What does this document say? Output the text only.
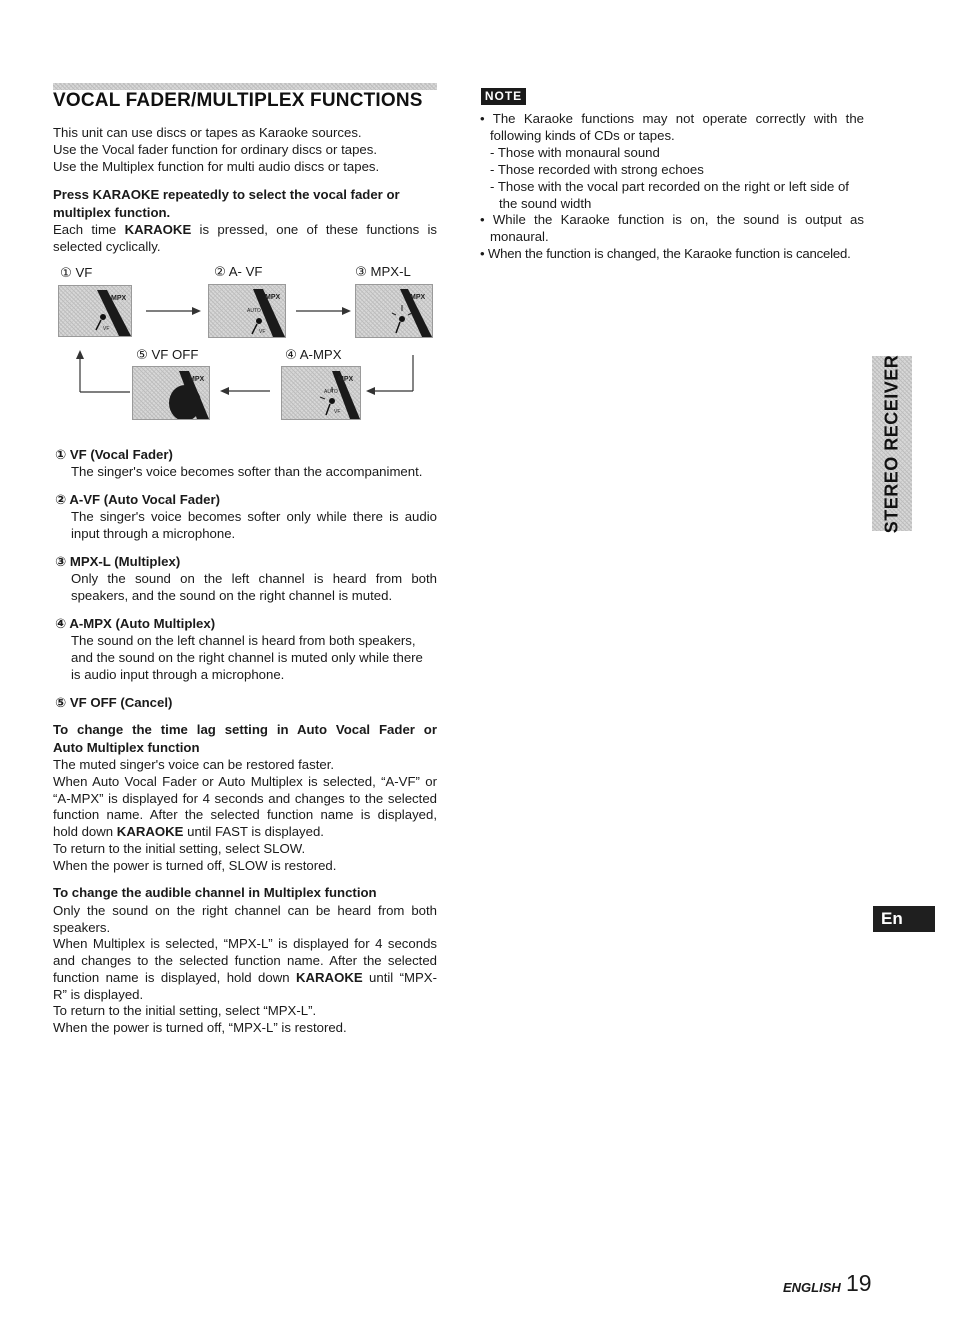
VOCAL FADER/MULTIPLEX FUNCTIONS

This unit can use discs or tapes as Karaoke sources.

Use the Vocal fader function for ordinary discs or tapes.

Use the Multiplex function for multi audio discs or tapes.

Press KARAOKE repeatedly to select the vocal fader or

multiplex function.

Each time KARAOKE is pressed, one of these functions is

selected cyclically.

① VF	② A- VF	③ MPX-L
⑤ VF OFF	④ A-MPX
MPX
VF
MPX
AUTO
VF
MPX
MPX	MPX
AUTO
VF

① VF (Vocal Fader)

The singer's voice becomes softer than the accompaniment.

② A-VF (Auto Vocal Fader)

The singer's voice becomes softer only while there is audio

input through a microphone.

③ MPX-L (Multiplex)

Only the sound on the left channel is heard from both

speakers, and the sound on the right channel is muted.

④ A-MPX (Auto Multiplex)

The sound on the left channel is heard from both speakers,

and the sound on the right channel is muted only while there

is audio input through a microphone.

⑤ VF OFF (Cancel)

To change the time lag setting in Auto Vocal Fader or

Auto Multiplex function

The muted singer's voice can be restored faster.

When Auto Vocal Fader or Auto Multiplex is selected, “A-VF” or

“A-MPX” is displayed for 4 seconds and changes to the selected

function name. After the selected function name is displayed,

hold down KARAOKE until FAST is displayed.

To return to the initial setting, select SLOW.

When the power is turned off, SLOW is restored.

To change the audible channel in Multiplex function

Only the sound on the right channel can be heard from both

speakers.

When Multiplex is selected, “MPX-L” is displayed for 4 seconds

and changes to the selected function name. After the selected

function name is displayed, hold down KARAOKE until “MPX-

R” is displayed.

To return to the initial setting, select “MPX-L”.

When the power is turned off, “MPX-L” is restored.

NOTE

• The Karaoke functions may not operate correctly with the

following kinds of CDs or tapes.

- Those with monaural sound

- Those recorded with strong echoes

- Those with the vocal part recorded on the right or left side of

the sound width

• While the Karaoke function is on, the sound is output as

monaural.

• When the function is changed, the Karaoke function is canceled.

STEREO RECEIVER
En
ENGLISH 19
